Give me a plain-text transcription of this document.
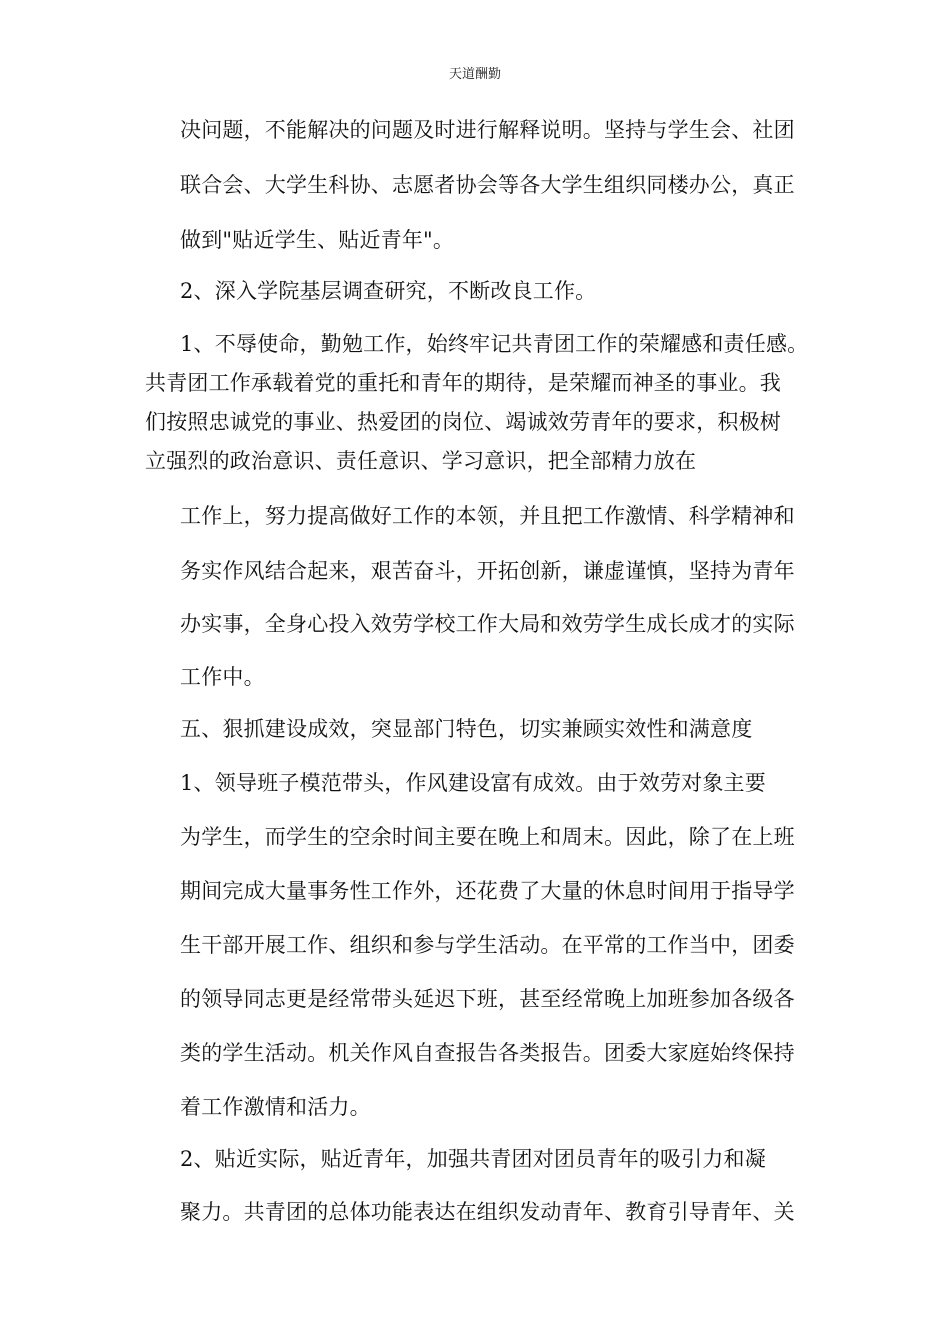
天道酬勤
决问题，不能解决的问题及时进行解释说明。坚持与学生会、社团
联合会、大学生科协、志愿者协会等各大学生组织同楼办公，真正
做到"贴近学生、贴近青年"。
2、深入学院基层调查研究，不断改良工作。
1、不辱使命，勤勉工作，始终牢记共青团工作的荣耀感和责任感。
共青团工作承载着党的重托和青年的期待，是荣耀而神圣的事业。我
们按照忠诚党的事业、热爱团的岗位、竭诚效劳青年的要求，积极树
立强烈的政治意识、责任意识、学习意识，把全部精力放在
工作上，努力提高做好工作的本领，并且把工作激情、科学精神和
务实作风结合起来，艰苦奋斗，开拓创新，谦虚谨慎，坚持为青年
办实事，全身心投入效劳学校工作大局和效劳学生成长成才的实际
工作中。
五、狠抓建设成效，突显部门特色，切实兼顾实效性和满意度
1、领导班子模范带头，作风建设富有成效。由于效劳对象主要
为学生，而学生的空余时间主要在晚上和周末。因此，除了在上班
期间完成大量事务性工作外，还花费了大量的休息时间用于指导学
生干部开展工作、组织和参与学生活动。在平常的工作当中，团委
的领导同志更是经常带头延迟下班，甚至经常晚上加班参加各级各
类的学生活动。机关作风自查报告各类报告。团委大家庭始终保持
着工作激情和活力。
2、贴近实际，贴近青年，加强共青团对团员青年的吸引力和凝
聚力。共青团的总体功能表达在组织发动青年、教育引导青年、关
